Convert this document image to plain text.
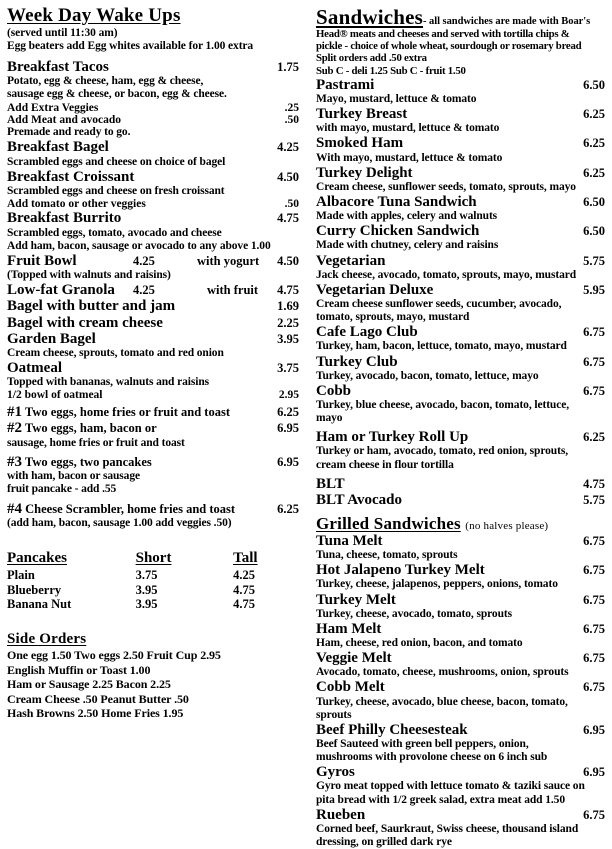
Week Day Wake Ups
(served until 11:30 am)
Egg beaters add Egg whites available for 1.00 extra
Breakfast Tacos	1.75
Potato, egg & cheese, ham, egg & cheese,
sausage egg & cheese, or bacon, egg & cheese.
Add Extra Veggies	.25
Add Meat and avocado	.50
Premade and ready to go.
Breakfast Bagel	4.25
Scrambled eggs and cheese on choice of bagel
Breakfast Croissant	4.50
Scrambled eggs and cheese on fresh croissant
Add tomato or other veggies	.50
Breakfast Burrito	4.75
Scrambled eggs, tomato, avocado and cheese
Add ham, bacon, sausage or avocado to any above 1.00
Fruit Bowl	4.25	with yogurt 4.50
(Topped with walnuts and raisins)
Low-fat Granola	4.25	with fruit 4.75
Bagel with butter and jam	1.69
Bagel with cream cheese	2.25
Garden Bagel	3.95
Cream cheese, sprouts, tomato and red onion
Oatmeal	3.75
Topped with bananas, walnuts and raisins
1/2 bowl of oatmeal	2.95
#1 Two eggs, home fries or fruit and toast	6.25
#2 Two eggs, ham, bacon or	6.95
sausage, home fries or fruit and toast
#3 Two eggs, two pancakes	6.95
with ham, bacon or sausage
fruit pancake - add .55
#4 Cheese Scrambler, home fries and toast	6.25
(add ham, bacon, sausage 1.00 add veggies .50)
Pancakes	Short	Tall
Plain	3.75	4.25
Blueberry	3.95	4.75
Banana Nut	3.95	4.75
Side Orders
One egg 1.50 Two eggs 2.50 Fruit Cup 2.95
English Muffin or Toast 1.00
Ham or Sausage 2.25 Bacon 2.25
Cream Cheese .50 Peanut Butter .50
Hash Browns 2.50 Home Fries 1.95
Sandwiches- all sandwiches are made with Boar's
Head® meats and cheeses and served with tortilla chips &
pickle - choice of whole wheat, sourdough or rosemary bread
Split orders add .50 extra
Sub C - deli 1.25 Sub C - fruit 1.50
Pastrami	6.50
Mayo, mustard, lettuce & tomato
Turkey Breast	6.25
with mayo, mustard, lettuce & tomato
Smoked Ham	6.25
With mayo, mustard, lettuce & tomato
Turkey Delight	6.25
Cream cheese, sunflower seeds, tomato, sprouts, mayo
Albacore Tuna Sandwich	6.50
Made with apples, celery and walnuts
Curry Chicken Sandwich	6.50
Made with chutney, celery and raisins
Vegetarian	5.75
Jack cheese, avocado, tomato, sprouts, mayo, mustard
Vegetarian Deluxe	5.95
Cream cheese sunflower seeds, cucumber, avocado,
tomato, sprouts, mayo, mustard
Cafe Lago Club	6.75
Turkey, ham, bacon, lettuce, tomato, mayo, mustard
Turkey Club	6.75
Turkey, avocado, bacon, tomato, lettuce, mayo
Cobb	6.75
Turkey, blue cheese, avocado, bacon, tomato, lettuce,
mayo
Ham or Turkey Roll Up	6.25
Turkey or ham, avocado, tomato, red onion, sprouts,
cream cheese in flour tortilla
BLT	4.75
BLT Avocado	5.75
Grilled Sandwiches (no halves please)
Tuna Melt	6.75
Tuna, cheese, tomato, sprouts
Hot Jalapeno Turkey Melt	6.75
Turkey, cheese, jalapenos, peppers, onions, tomato
Turkey Melt	6.75
Turkey, cheese, avocado, tomato, sprouts
Ham Melt	6.75
Ham, cheese, red onion, bacon, and tomato
Veggie Melt	6.75
Avocado, tomato, cheese, mushrooms, onion, sprouts
Cobb Melt	6.75
Turkey, cheese, avocado, blue cheese, bacon, tomato,
sprouts
Beef Philly Cheesesteak	6.95
Beef Sauteed with green bell peppers, onion,
mushrooms with provolone cheese on 6 inch sub
Gyros	6.95
Gyro meat topped with lettuce tomato & taziki sauce on
pita bread with 1/2 greek salad, extra meat add 1.50
Rueben	6.75
Corned beef, Saurkraut, Swiss cheese, thousand island
dressing, on grilled dark rye
